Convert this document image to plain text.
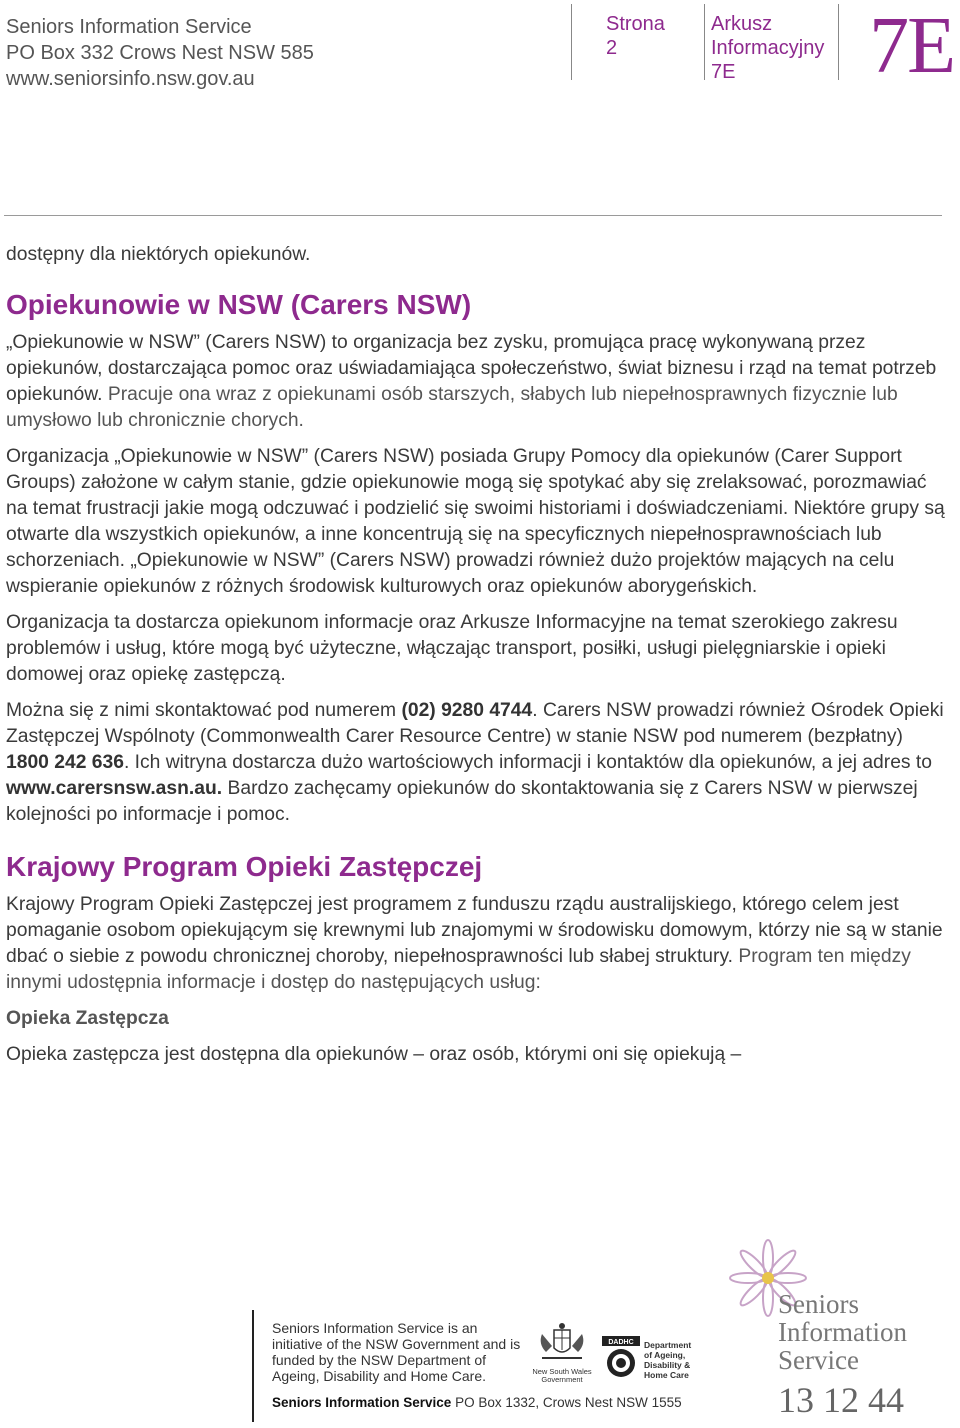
Seniors Information Service
PO Box 332 Crows Nest NSW 585
www.seniorsinfo.nsw.gov.au
Strona
2
Arkusz
Informacyjny
7E	7E

dostępny dla niektórych opiekunów.

Opiekunowie w NSW (Carers NSW)

„Opiekunowie w NSW” (Carers NSW) to organizacja bez zysku, promująca pracę wykonywaną przez opiekunów, dostarczająca pomoc oraz uświadamiająca społeczeństwo, świat biznesu i rząd na temat potrzeb opiekunów. Pracuje ona wraz z opiekunami osób starszych, słabych lub niepełnosprawnych fizycznie lub umysłowo lub chronicznie chorych.

Organizacja „Opiekunowie w NSW” (Carers NSW) posiada Grupy Pomocy dla opiekunów (Carer Support Groups) założone w całym stanie, gdzie opiekunowie mogą się spotykać aby się zrelaksować, porozmawiać na temat frustracji jakie mogą odczuwać i podzielić się swoimi historiami i doświadczeniami. Niektóre grupy są otwarte dla wszystkich opiekunów, a inne koncentrują się na specyficznych niepełnosprawnościach lub schorzeniach. „Opiekunowie w NSW” (Carers NSW) prowadzi również dużo projektów mających na celu wspieranie opiekunów z różnych środowisk kulturowych oraz opiekunów aborygeńskich.

Organizacja ta dostarcza opiekunom informacje oraz Arkusze Informacyjne na temat szerokiego zakresu problemów i usług, które mogą być użyteczne, włączając transport, posiłki, usługi pielęgniarskie i opieki domowej oraz opiekę zastępczą.

Można się z nimi skontaktować pod numerem (02) 9280 4744. Carers NSW prowadzi również Ośrodek Opieki Zastępczej Wspólnoty (Commonwealth Carer Resource Centre) w stanie NSW pod numerem (bezpłatny) 1800 242 636. Ich witryna dostarcza dużo wartościowych informacji i kontaktów dla opiekunów, a jej adres to www.carersnsw.asn.au. Bardzo zachęcamy opiekunów do skontaktowania się z Carers NSW w pierwszej kolejności po informacje i pomoc.

Krajowy Program Opieki Zastępczej

Krajowy Program Opieki Zastępczej jest programem z funduszu rządu australijskiego, którego celem jest pomaganie osobom opiekującym się krewnymi lub znajomymi w środowisku domowym, którzy nie są w stanie dbać o siebie z powodu chronicznej choroby, niepełnosprawności lub słabej struktury. Program ten między innymi udostępnia informacje i dostęp do następujących usług:

Opieka Zastępcza

Opieka zastępcza jest dostępna dla opiekunów – oraz osób, którymi oni się opiekują –

Seniors Information Service is an initiative of the NSW Government and is funded by the NSW Department of Ageing, Disability and Home Care.
Seniors Information Service PO Box 1332, Crows Nest NSW 1555
New South Wales Government
DADHC Department of Ageing, Disability & Home Care
Seniors
Information
Service
13 12 44
